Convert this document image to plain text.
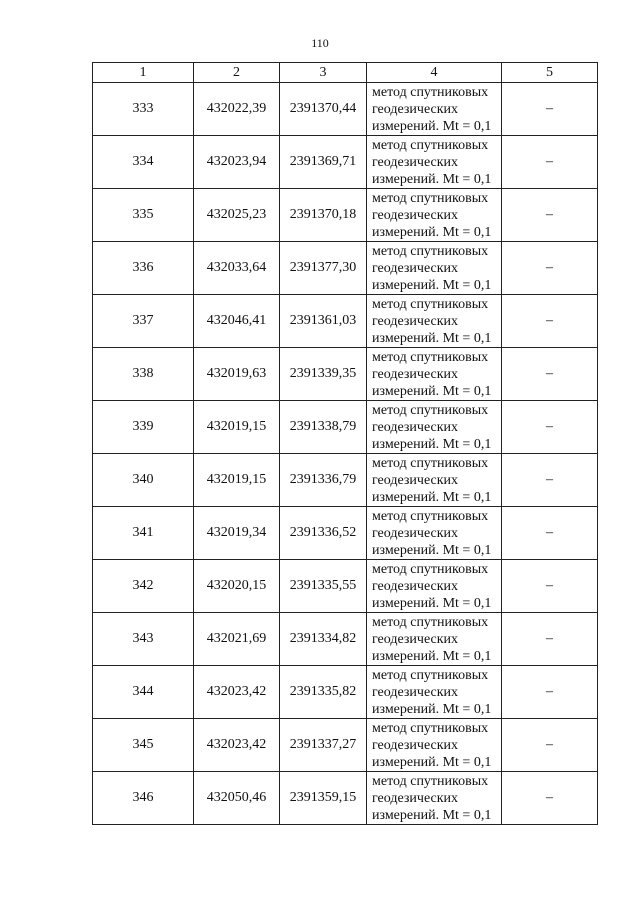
110
1	2	3	4	5
333	432022,39	2391370,44	метод спутниковых
геодезических
измерений. Mt = 0,1	–
334	432023,94	2391369,71	метод спутниковых
геодезических
измерений. Mt = 0,1	–
335	432025,23	2391370,18	метод спутниковых
геодезических
измерений. Mt = 0,1	–
336	432033,64	2391377,30	метод спутниковых
геодезических
измерений. Mt = 0,1	–
337	432046,41	2391361,03	метод спутниковых
геодезических
измерений. Mt = 0,1	–
338	432019,63	2391339,35	метод спутниковых
геодезических
измерений. Mt = 0,1	–
339	432019,15	2391338,79	метод спутниковых
геодезических
измерений. Mt = 0,1	–
340	432019,15	2391336,79	метод спутниковых
геодезических
измерений. Mt = 0,1	–
341	432019,34	2391336,52	метод спутниковых
геодезических
измерений. Mt = 0,1	–
342	432020,15	2391335,55	метод спутниковых
геодезических
измерений. Mt = 0,1	–
343	432021,69	2391334,82	метод спутниковых
геодезических
измерений. Mt = 0,1	–
344	432023,42	2391335,82	метод спутниковых
геодезических
измерений. Mt = 0,1	–
345	432023,42	2391337,27	метод спутниковых
геодезических
измерений. Mt = 0,1	–
346	432050,46	2391359,15	метод спутниковых
геодезических
измерений. Mt = 0,1	–
